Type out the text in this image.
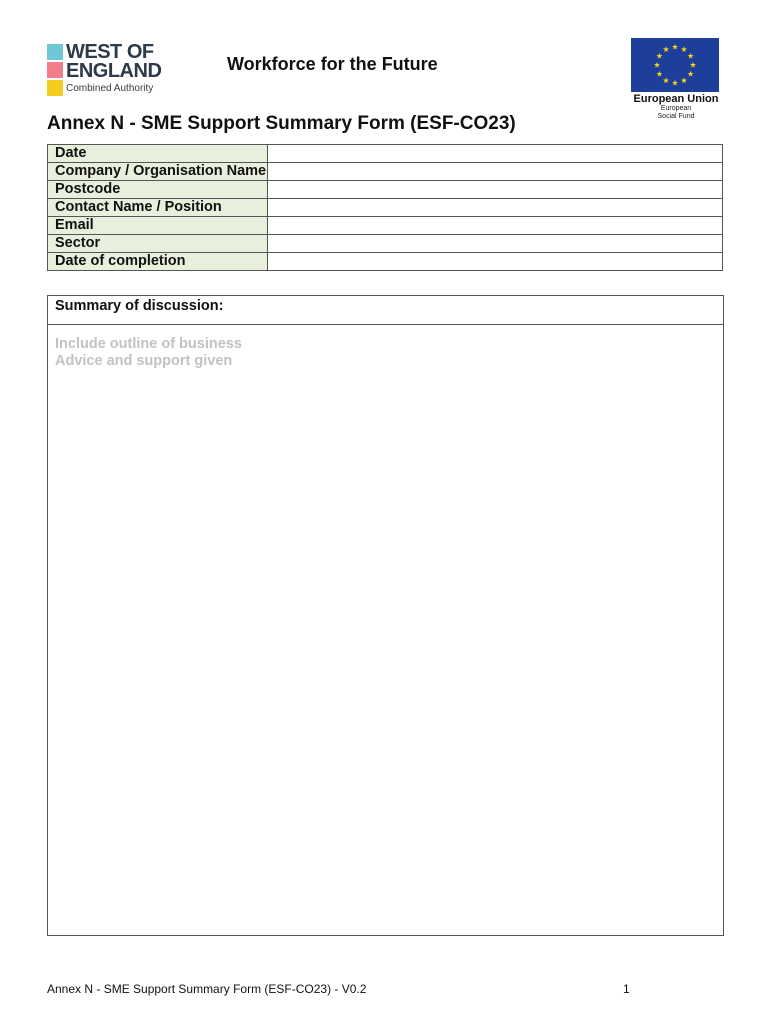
WEST OF
ENGLAND
Combined Authority
Workforce for the Future
European Union
European
Social Fund
Annex N - SME Support Summary Form (ESF-CO23)
Date	
Company / Organisation Name	
Postcode	
Contact Name / Position	
Email	
Sector	
Date of completion	
Summary of discussion:
Include outline of business
Advice and support given
Annex N - SME Support Summary Form (ESF-CO23) - V0.2	1
